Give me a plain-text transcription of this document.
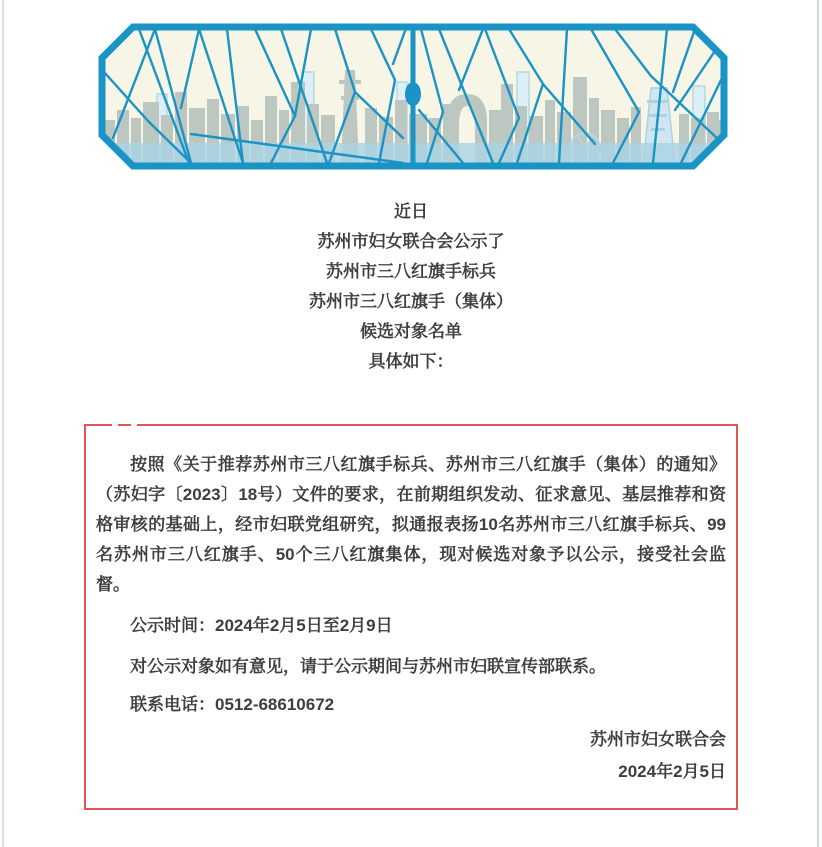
近日
苏州市妇女联合会公示了
苏州市三八红旗手标兵
苏州市三八红旗手（集体）
候选对象名单
具体如下：

按照《关于推荐苏州市三八红旗手标兵、苏州市三八红旗手（集体）的通知》（苏妇字〔2023〕18号）文件的要求，在前期组织发动、征求意见、基层推荐和资格审核的基础上，经市妇联党组研究，拟通报表扬10名苏州市三八红旗手标兵、99名苏州市三八红旗手、50个三八红旗集体，现对候选对象予以公示，接受社会监督。

公示时间：2024年2月5日至2月9日

对公示对象如有意见，请于公示期间与苏州市妇联宣传部联系。

联系电话：0512-68610672

苏州市妇女联合会
2024年2月5日
